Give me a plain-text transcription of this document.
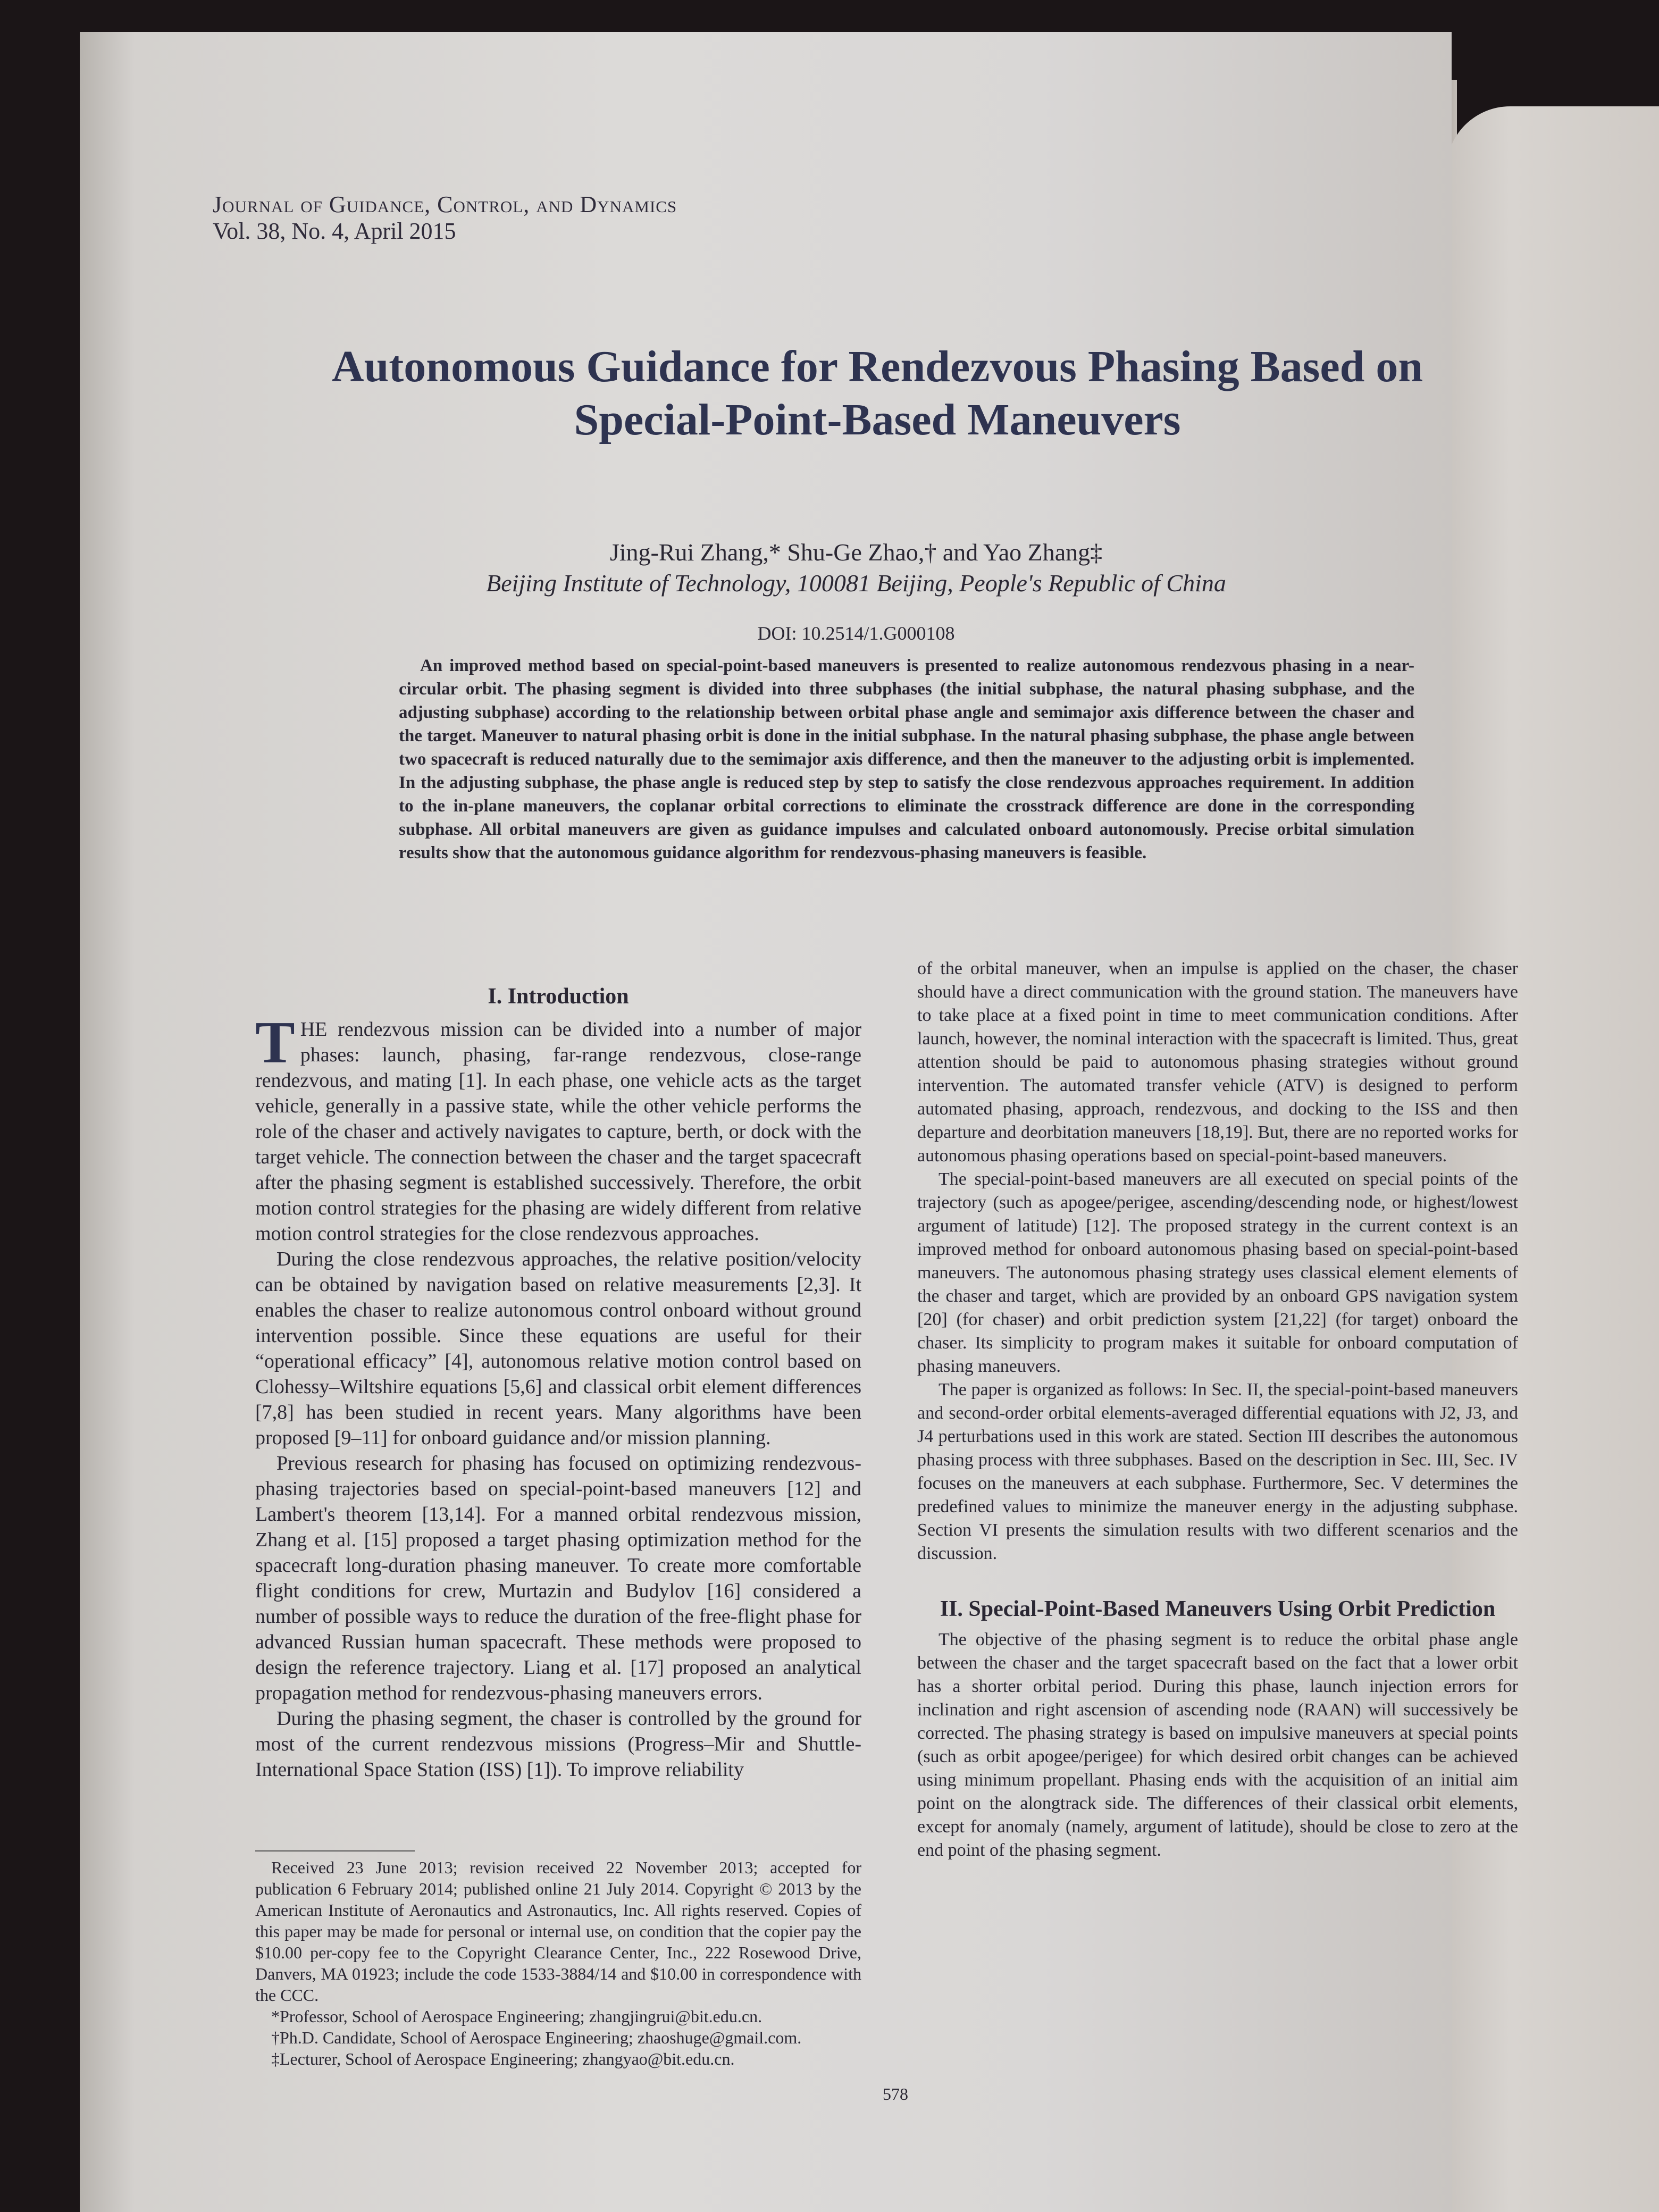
Journal of Guidance, Control, and Dynamics
Vol. 38, No. 4, April 2015
Autonomous Guidance for Rendezvous Phasing Based on Special-Point-Based Maneuvers
Jing-Rui Zhang,* Shu-Ge Zhao,† and Yao Zhang‡
Beijing Institute of Technology, 100081 Beijing, People's Republic of China
DOI: 10.2514/1.G000108
An improved method based on special-point-based maneuvers is presented to realize autonomous rendezvous phasing in a near-circular orbit. The phasing segment is divided into three subphases (the initial subphase, the natural phasing subphase, and the adjusting subphase) according to the relationship between orbital phase angle and semimajor axis difference between the chaser and the target. Maneuver to natural phasing orbit is done in the initial subphase. In the natural phasing subphase, the phase angle between two spacecraft is reduced naturally due to the semimajor axis difference, and then the maneuver to the adjusting orbit is implemented. In the adjusting subphase, the phase angle is reduced step by step to satisfy the close rendezvous approaches requirement. In addition to the in-plane maneuvers, the coplanar orbital corrections to eliminate the crosstrack difference are done in the corresponding subphase. All orbital maneuvers are given as guidance impulses and calculated onboard autonomously. Precise orbital simulation results show that the autonomous guidance algorithm for rendezvous-phasing maneuvers is feasible.
I. Introduction

THE rendezvous mission can be divided into a number of major phases: launch, phasing, far-range rendezvous, close-range rendezvous, and mating [1]. In each phase, one vehicle acts as the target vehicle, generally in a passive state, while the other vehicle performs the role of the chaser and actively navigates to capture, berth, or dock with the target vehicle. The connection between the chaser and the target spacecraft after the phasing segment is established successively. Therefore, the orbit motion control strategies for the phasing are widely different from relative motion control strategies for the close rendezvous approaches.

During the close rendezvous approaches, the relative position/velocity can be obtained by navigation based on relative measurements [2,3]. It enables the chaser to realize autonomous control onboard without ground intervention possible. Since these equations are useful for their “operational efficacy” [4], autonomous relative motion control based on Clohessy–Wiltshire equations [5,6] and classical orbit element differences [7,8] has been studied in recent years. Many algorithms have been proposed [9–11] for onboard guidance and/or mission planning.

Previous research for phasing has focused on optimizing rendezvous-phasing trajectories based on special-point-based maneuvers [12] and Lambert's theorem [13,14]. For a manned orbital rendezvous mission, Zhang et al. [15] proposed a target phasing optimization method for the spacecraft long-duration phasing maneuver. To create more comfortable flight conditions for crew, Murtazin and Budylov [16] considered a number of possible ways to reduce the duration of the free-flight phase for advanced Russian human spacecraft. These methods were proposed to design the reference trajectory. Liang et al. [17] proposed an analytical propagation method for rendezvous-phasing maneuvers errors.

During the phasing segment, the chaser is controlled by the ground for most of the current rendezvous missions (Progress–Mir and Shuttle-International Space Station (ISS) [1]). To improve reliability

of the orbital maneuver, when an impulse is applied on the chaser, the chaser should have a direct communication with the ground station. The maneuvers have to take place at a fixed point in time to meet communication conditions. After launch, however, the nominal interaction with the spacecraft is limited. Thus, great attention should be paid to autonomous phasing strategies without ground intervention. The automated transfer vehicle (ATV) is designed to perform automated phasing, approach, rendezvous, and docking to the ISS and then departure and deorbitation maneuvers [18,19]. But, there are no reported works for autonomous phasing operations based on special-point-based maneuvers.

The special-point-based maneuvers are all executed on special points of the trajectory (such as apogee/perigee, ascending/descending node, or highest/lowest argument of latitude) [12]. The proposed strategy in the current context is an improved method for onboard autonomous phasing based on special-point-based maneuvers. The autonomous phasing strategy uses classical element elements of the chaser and target, which are provided by an onboard GPS navigation system [20] (for chaser) and orbit prediction system [21,22] (for target) onboard the chaser. Its simplicity to program makes it suitable for onboard computation of phasing maneuvers.

The paper is organized as follows: In Sec. II, the special-point-based maneuvers and second-order orbital elements-averaged differential equations with J2, J3, and J4 perturbations used in this work are stated. Section III describes the autonomous phasing process with three subphases. Based on the description in Sec. III, Sec. IV focuses on the maneuvers at each subphase. Furthermore, Sec. V determines the predefined values to minimize the maneuver energy in the adjusting subphase. Section VI presents the simulation results with two different scenarios and the discussion.

II. Special-Point-Based Maneuvers Using Orbit Prediction

The objective of the phasing segment is to reduce the orbital phase angle between the chaser and the target spacecraft based on the fact that a lower orbit has a shorter orbital period. During this phase, launch injection errors for inclination and right ascension of ascending node (RAAN) will successively be corrected. The phasing strategy is based on impulsive maneuvers at special points (such as orbit apogee/perigee) for which desired orbit changes can be achieved using minimum propellant. Phasing ends with the acquisition of an initial aim point on the alongtrack side. The differences of their classical orbit elements, except for anomaly (namely, argument of latitude), should be close to zero at the end point of the phasing segment.

Received 23 June 2013; revision received 22 November 2013; accepted for publication 6 February 2014; published online 21 July 2014. Copyright © 2013 by the American Institute of Aeronautics and Astronautics, Inc. All rights reserved. Copies of this paper may be made for personal or internal use, on condition that the copier pay the $10.00 per-copy fee to the Copyright Clearance Center, Inc., 222 Rosewood Drive, Danvers, MA 01923; include the code 1533-3884/14 and $10.00 in correspondence with the CCC.

*Professor, School of Aerospace Engineering; zhangjingrui@bit.edu.cn.

†Ph.D. Candidate, School of Aerospace Engineering; zhaoshuge@gmail.com.

‡Lecturer, School of Aerospace Engineering; zhangyao@bit.edu.cn.

578
